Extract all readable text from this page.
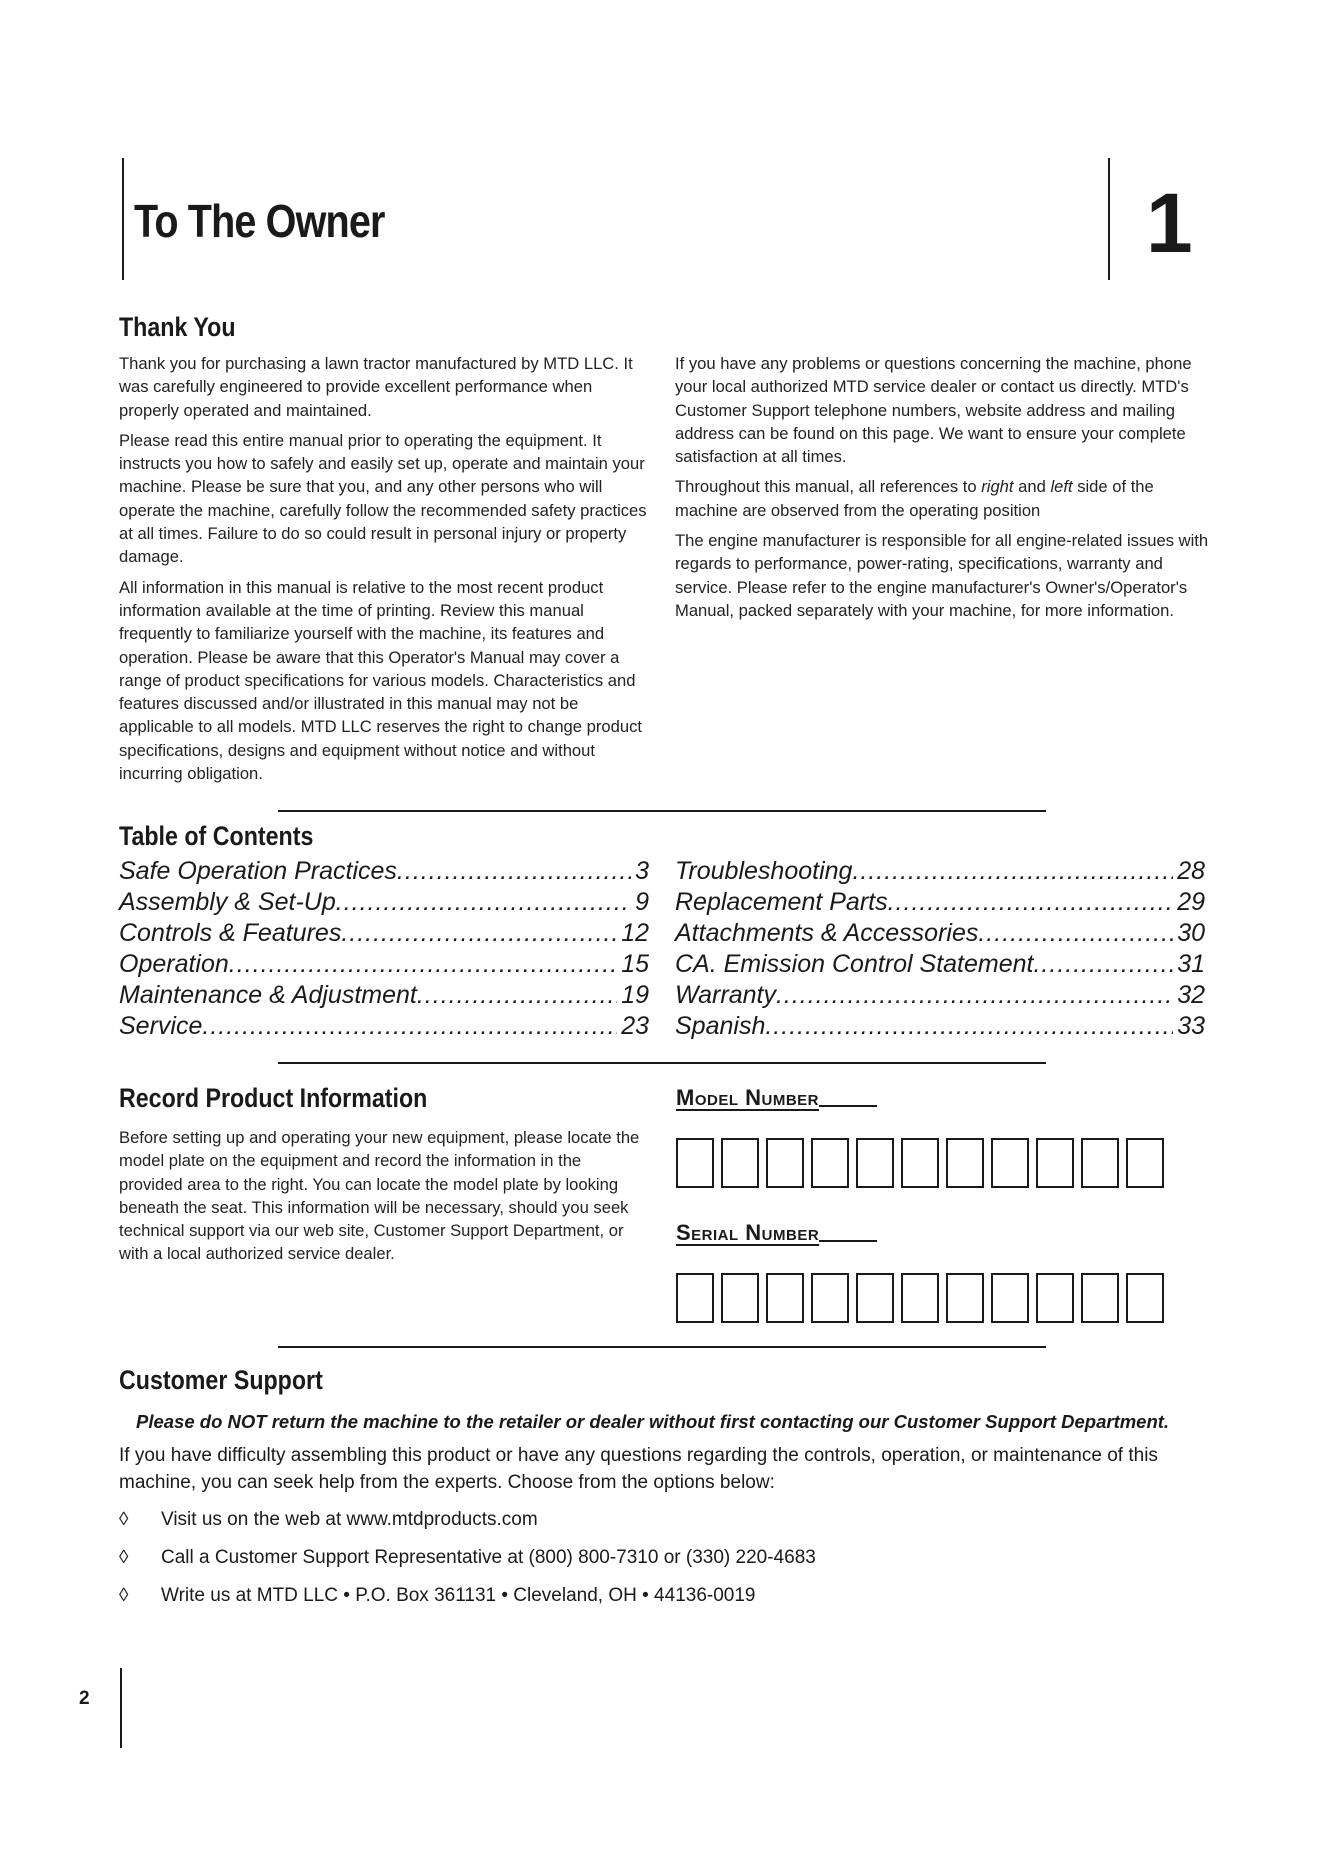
To The Owner	1
Thank You

Thank you for purchasing a lawn tractor manufactured by MTD LLC. It was carefully engineered to provide excellent performance when properly operated and maintained.

Please read this entire manual prior to operating the equipment. It instructs you how to safely and easily set up, operate and maintain your machine. Please be sure that you, and any other persons who will operate the machine, carefully follow the recommended safety practices at all times. Failure to do so could result in personal injury or property damage.

All information in this manual is relative to the most recent product information available at the time of printing. Review this manual frequently to familiarize yourself with the machine, its features and operation. Please be aware that this Operator's Manual may cover a range of product specifications for various models. Characteristics and features discussed and/or illustrated in this manual may not be applicable to all models. MTD LLC reserves the right to change product specifications, designs and equipment without notice and without incurring obligation.

If you have any problems or questions concerning the machine, phone your local authorized MTD service dealer or contact us directly. MTD's Customer Support telephone numbers, website address and mailing address can be found on this page. We want to ensure your complete satisfaction at all times.

Throughout this manual, all references to right and left side of the machine are observed from the operating position

The engine manufacturer is responsible for all engine-related issues with regards to performance, power-rating, specifications, warranty and service. Please refer to the engine manufacturer's Owner's/Operator's Manual, packed separately with your machine, for more information.

Table of Contents
Safe Operation Practices .....	3
Assembly & Set-Up .....	9
Controls & Features .....	12
Operation .....	15
Maintenance & Adjustment .....	19
Service .....	23
Troubleshooting .....	28
Replacement Parts .....	29
Attachments & Accessories .....	30
CA. Emission Control Statement .....	31
Warranty .....	32
Spanish .....	33
Record Product Information
Before setting up and operating your new equipment, please locate the model plate on the equipment and record the information in the provided area to the right. You can locate the model plate by looking beneath the seat. This information will be necessary, should you seek technical support via our web site, Customer Support Department, or with a local authorized service dealer.
Model Number
Serial Number
Customer Support
Please do NOT return the machine to the retailer or dealer without first contacting our Customer Support Department.
If you have difficulty assembling this product or have any questions regarding the controls, operation, or maintenance of this machine, you can seek help from the experts. Choose from the options below:
◊	Visit us on the web at www.mtdproducts.com
◊	Call a Customer Support Representative at (800) 800-7310 or (330) 220-4683
◊	Write us at MTD LLC • P.O. Box 361131 • Cleveland, OH • 44136-0019
2
